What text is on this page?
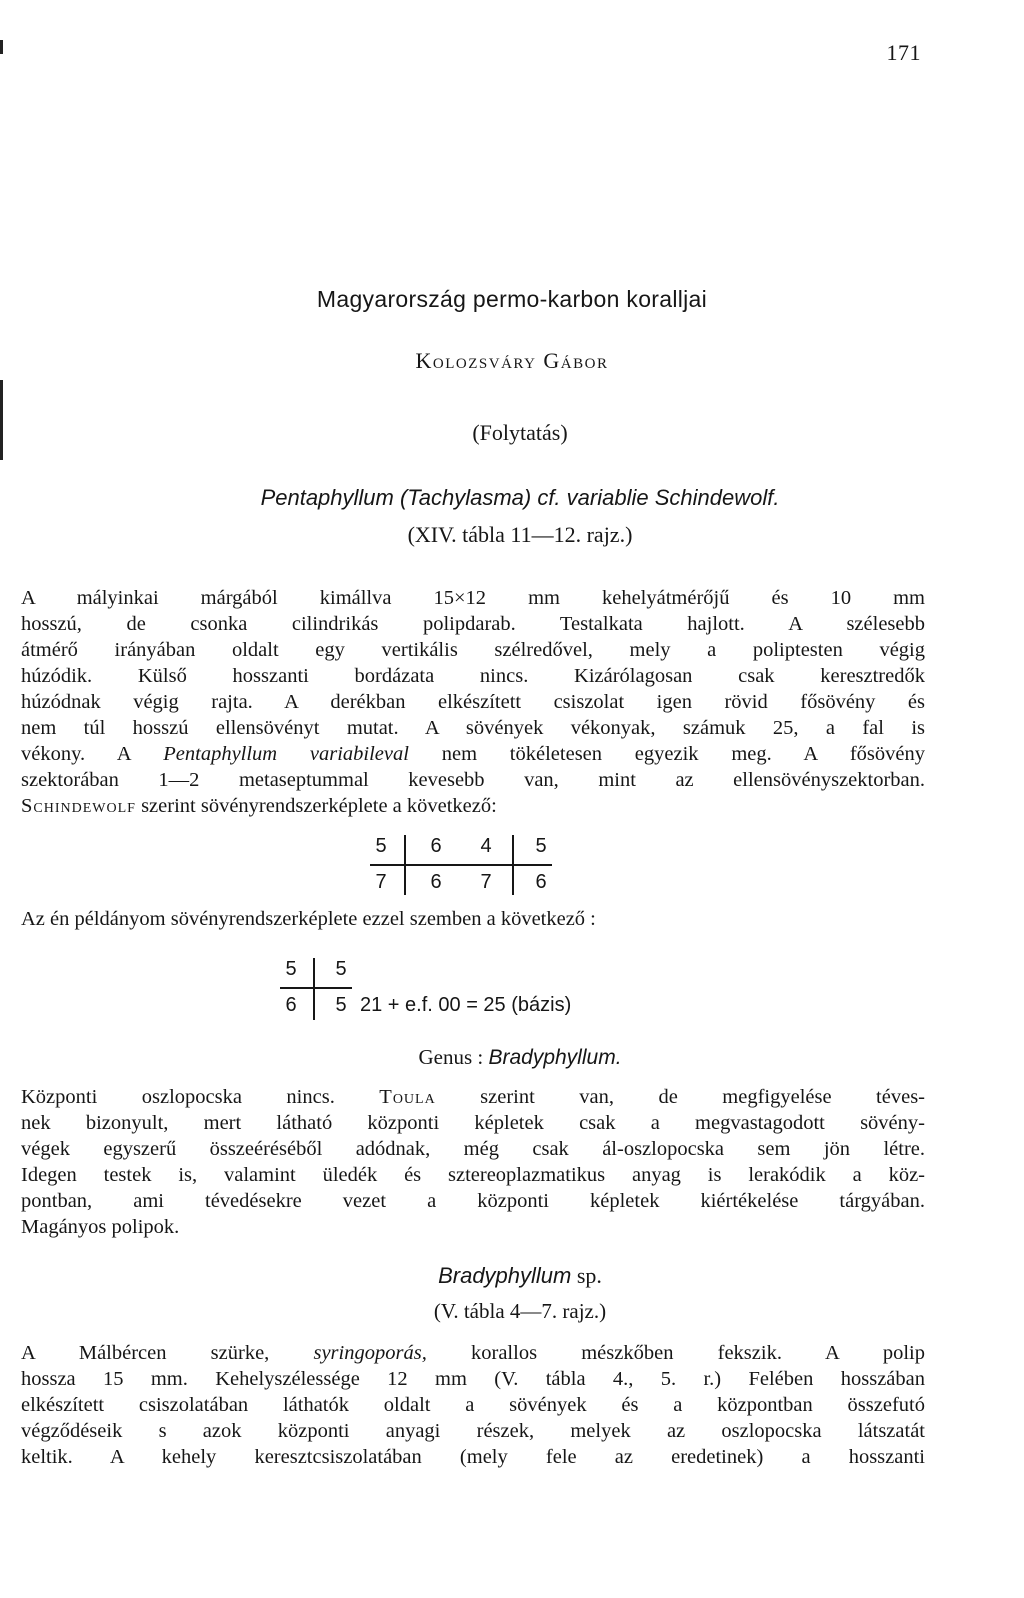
171
Magyarország permo-karbon koralljai
Kolozsváry Gábor
(Folytatás)
Pentaphyllum (Tachylasma) cf. variablie Schindewolf.
(XIV. tábla 11—12. rajz.)
A mályinkai márgából kimállva 15×12 mm kehelyátmérőjű és 10 mm
hosszú, de csonka cilindrikás polipdarab. Testalkata hajlott. A szélesebb
átmérő irányában oldalt egy vertikális szélredővel, mely a poliptesten végig
húzódik. Külső hosszanti bordázata nincs. Kizárólagosan csak keresztredők
húzódnak végig rajta. A derékban elkészített csiszolat igen rövid fősövény és
nem túl hosszú ellensövényt mutat. A sövények vékonyak, számuk 25, a fal is
vékony. A Pentaphyllum variabileval nem tökéletesen egyezik meg. A fősövény
szektorában 1—2 metaseptummal kevesebb van, mint az ellensövényszektorban.
Schindewolf szerint sövényrendszerképlete a következő:
5 6 4 5
7 6 7 6
Az én példányom sövényrendszerképlete ezzel szemben a következő :
5 5
6 5 21 + e.f. 00 = 25 (bázis)
Genus : Bradyphyllum.
Központi oszlopocska nincs. Toula szerint van, de megfigyelése téves-
nek bizonyult, mert látható központi képletek csak a megvastagodott sövény-
végek egyszerű összeéréséből adódnak, még csak ál-oszlopocska sem jön létre.
Idegen testek is, valamint üledék és sztereoplazmatikus anyag is lerakódik a köz-
pontban, ami tévedésekre vezet a központi képletek kiértékelése tárgyában.
Magányos polipok.
Bradyphyllum sp.
(V. tábla 4—7. rajz.)
A Málbércen szürke, syringoporás, korallos mészkőben fekszik. A polip
hossza 15 mm. Kehelyszélessége 12 mm (V. tábla 4., 5. r.) Felében hosszában
elkészített csiszolatában láthatók oldalt a sövények és a központban összefutó
végződéseik s azok központi anyagi részek, melyek az oszlopocska látszatát
keltik. A kehely keresztcsiszolatában (mely fele az eredetinek) a hosszanti
